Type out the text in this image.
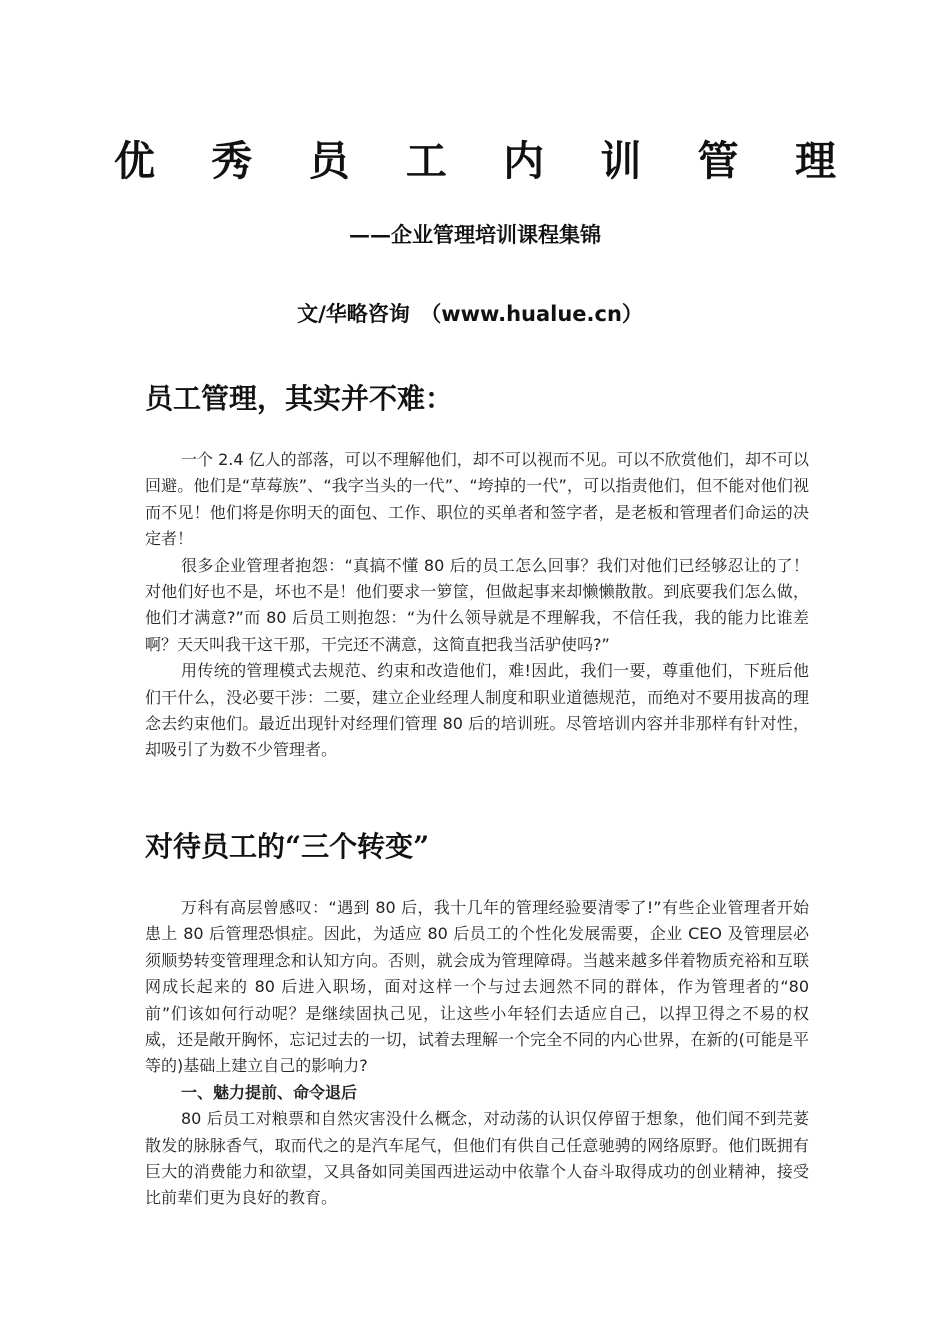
优 秀 员 工 内 训 管 理

——企业管理培训课程集锦

文/华略咨询　（www.hualue.cn）

员工管理，其实并不难：

一个 2.4 亿人的部落，可以不理解他们，却不可以视而不见。可以不欣赏他们，却不可以回避。他们是“草莓族”、“我字当头的一代”、“垮掉的一代”，可以指责他们，但不能对他们视而不见！他们将是你明天的面包、工作、职位的买单者和签字者，是老板和管理者们命运的决定者！

很多企业管理者抱怨：“真搞不懂 80 后的员工怎么回事？我们对他们已经够忍让的了！对他们好也不是，坏也不是！他们要求一箩筐，但做起事来却懒懒散散。到底要我们怎么做，他们才满意?”而 80 后员工则抱怨：“为什么领导就是不理解我，不信任我，我的能力比谁差啊？天天叫我干这干那，干完还不满意，这简直把我当活驴使吗?”

用传统的管理模式去规范、约束和改造他们，难!因此，我们一要，尊重他们，下班后他们干什么，没必要干涉：二要，建立企业经理人制度和职业道德规范，而绝对不要用拔高的理念去约束他们。最近出现针对经理们管理 80 后的培训班。尽管培训内容并非那样有针对性，却吸引了为数不少管理者。

对待员工的“三个转变”

万科有高层曾感叹：“遇到 80 后，我十几年的管理经验要清零了!”有些企业管理者开始患上 80 后管理恐惧症。因此，为适应 80 后员工的个性化发展需要，企业 CEO 及管理层必须顺势转变管理理念和认知方向。否则，就会成为管理障碍。当越来越多伴着物质充裕和互联网成长起来的 80 后进入职场，面对这样一个与过去迥然不同的群体，作为管理者的“80 前”们该如何行动呢？是继续固执己见，让这些小年轻们去适应自己，以捍卫得之不易的权威，还是敞开胸怀，忘记过去的一切，试着去理解一个完全不同的内心世界，在新的(可能是平等的)基础上建立自己的影响力?

一、魅力提前、命令退后

80 后员工对粮票和自然灾害没什么概念，对动荡的认识仅停留于想象，他们闻不到芫荽散发的脉脉香气，取而代之的是汽车尾气，但他们有供自己任意驰骋的网络原野。他们既拥有巨大的消费能力和欲望，又具备如同美国西进运动中依靠个人奋斗取得成功的创业精神，接受比前辈们更为良好的教育。
